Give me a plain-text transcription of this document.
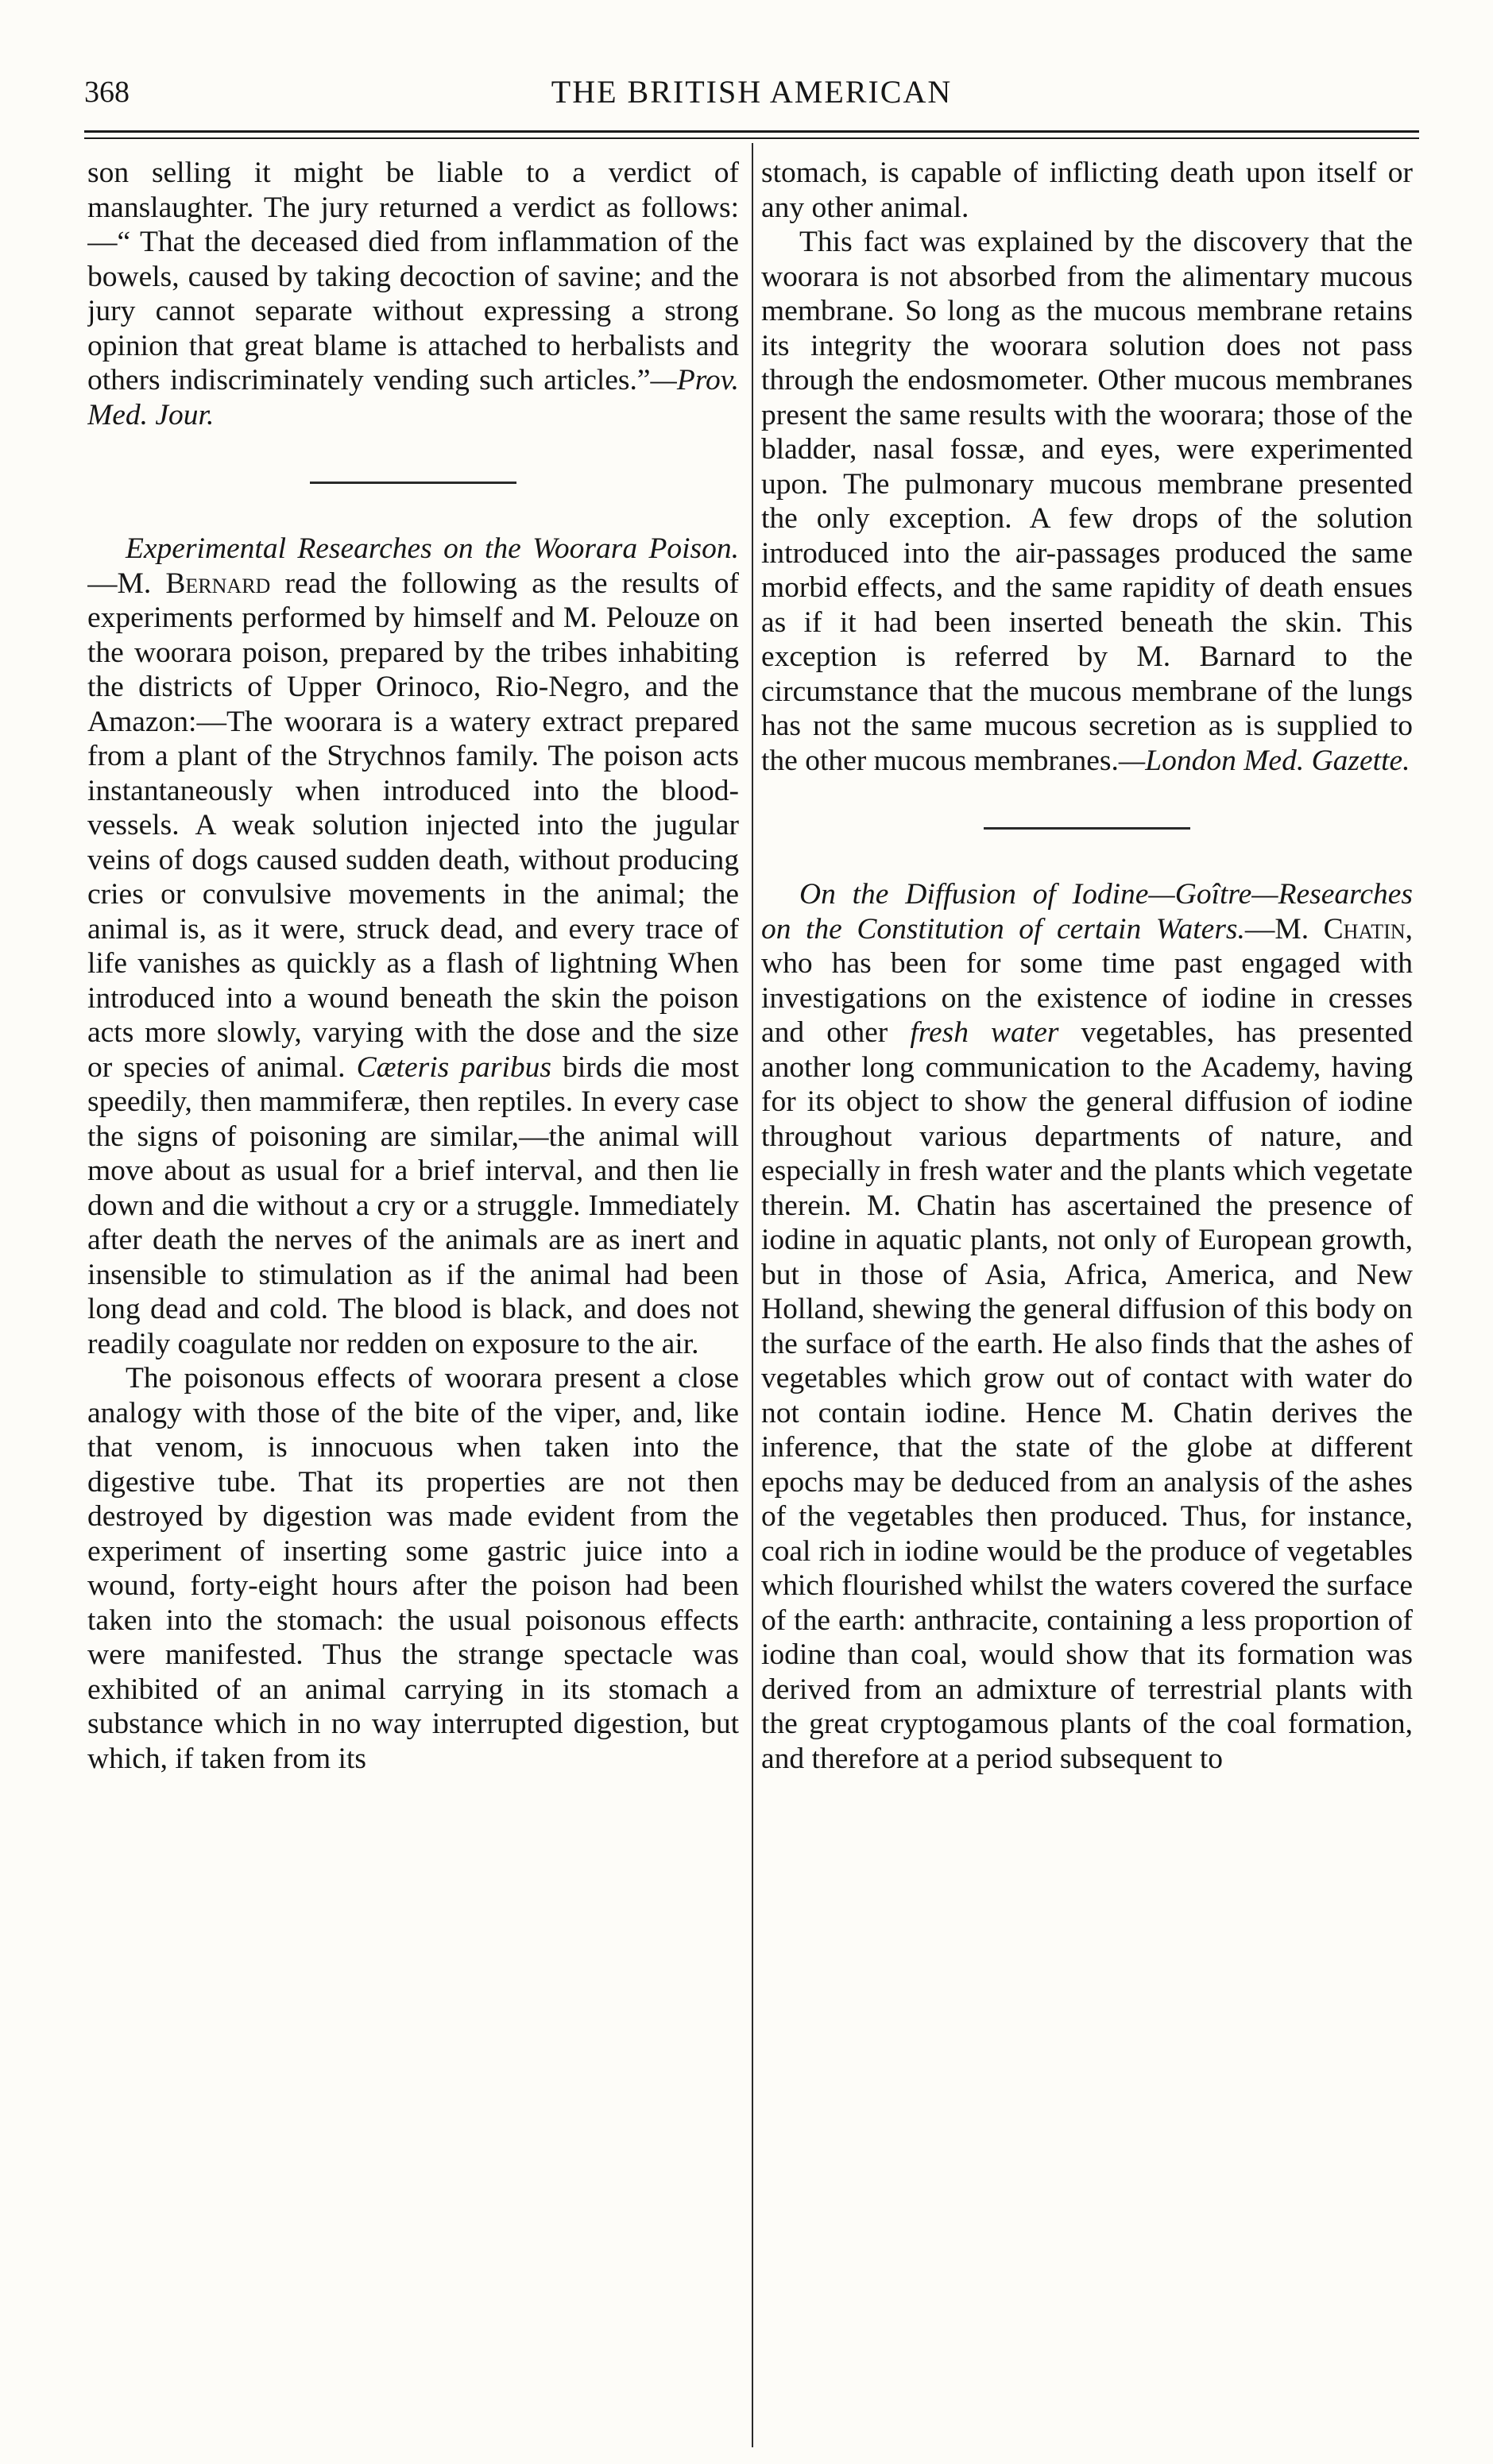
368	THE BRITISH AMERICAN

son selling it might be liable to a verdict of manslaughter. The jury returned a verdict as follows:—“ That the deceased died from inflammation of the bowels, caused by taking decoction of savine; and the jury cannot separate without expressing a strong opinion that great blame is attached to herbalists and others indiscriminately vending such articles.”—Prov. Med. Jour.

Experimental Researches on the Woorara Poison.—M. Bernard read the following as the results of experiments performed by himself and M. Pelouze on the woorara poison, prepared by the tribes inhabiting the districts of Upper Orinoco, Rio-Negro, and the Amazon:—The woorara is a watery extract prepared from a plant of the Strychnos family. The poison acts instantaneously when introduced into the blood-vessels. A weak solution injected into the jugular veins of dogs caused sudden death, without producing cries or convulsive movements in the animal; the animal is, as it were, struck dead, and every trace of life vanishes as quickly as a flash of lightning When introduced into a wound beneath the skin the poison acts more slowly, varying with the dose and the size or species of animal. Cæteris paribus birds die most speedily, then mammiferæ, then reptiles. In every case the signs of poisoning are similar,—the animal will move about as usual for a brief interval, and then lie down and die without a cry or a struggle. Immediately after death the nerves of the animals are as inert and insensible to stimulation as if the animal had been long dead and cold. The blood is black, and does not readily coagulate nor redden on exposure to the air.

The poisonous effects of woorara present a close analogy with those of the bite of the viper, and, like that venom, is innocuous when taken into the digestive tube. That its properties are not then destroyed by digestion was made evident from the experiment of inserting some gastric juice into a wound, forty-eight hours after the poison had been taken into the stomach: the usual poisonous effects were manifested. Thus the strange spectacle was exhibited of an animal carrying in its stomach a substance which in no way interrupted digestion, but which, if taken from its

stomach, is capable of inflicting death upon itself or any other animal.

This fact was explained by the discovery that the woorara is not absorbed from the alimentary mucous membrane. So long as the mucous membrane retains its integrity the woorara solution does not pass through the endosmometer. Other mucous membranes present the same results with the woorara; those of the bladder, nasal fossæ, and eyes, were experimented upon. The pulmonary mucous membrane presented the only exception. A few drops of the solution introduced into the air-passages produced the same morbid effects, and the same rapidity of death ensues as if it had been inserted beneath the skin. This exception is referred by M. Barnard to the circumstance that the mucous membrane of the lungs has not the same mucous secretion as is supplied to the other mucous membranes.—London Med. Gazette.

On the Diffusion of Iodine—Goître—Researches on the Constitution of certain Waters.—M. Chatin, who has been for some time past engaged with investigations on the existence of iodine in cresses and other fresh water vegetables, has presented another long communication to the Academy, having for its object to show the general diffusion of iodine throughout various departments of nature, and especially in fresh water and the plants which vegetate therein. M. Chatin has ascertained the presence of iodine in aquatic plants, not only of European growth, but in those of Asia, Africa, America, and New Holland, shewing the general diffusion of this body on the surface of the earth. He also finds that the ashes of vegetables which grow out of contact with water do not contain iodine. Hence M. Chatin derives the inference, that the state of the globe at different epochs may be deduced from an analysis of the ashes of the vegetables then produced. Thus, for instance, coal rich in iodine would be the produce of vegetables which flourished whilst the waters covered the surface of the earth: anthracite, containing a less proportion of iodine than coal, would show that its formation was derived from an admixture of terrestrial plants with the great cryptogamous plants of the coal formation, and therefore at a period subsequent to
